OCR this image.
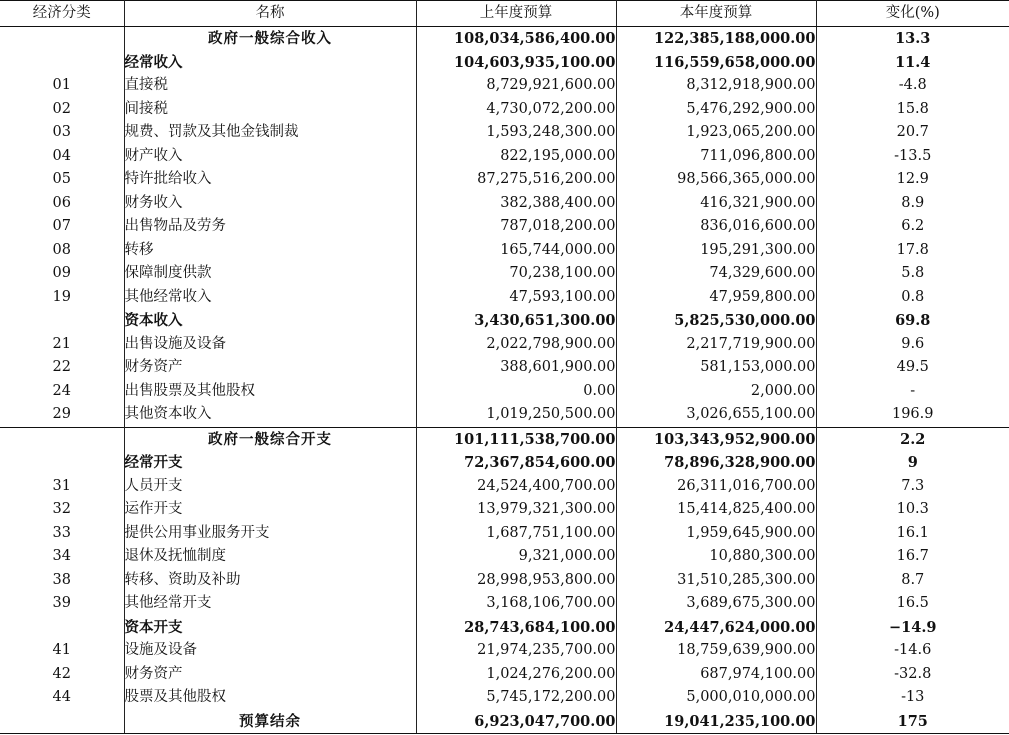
经济分类	名称	上年度预算	本年度预算	变化(%)
	政府一般综合收入	108,034,586,400.00	122,385,188,000.00	13.3
	经常收入	104,603,935,100.00	116,559,658,000.00	11.4
01	直接税	8,729,921,600.00	8,312,918,900.00	-4.8
02	间接税	4,730,072,200.00	5,476,292,900.00	15.8
03	规费、罚款及其他金钱制裁	1,593,248,300.00	1,923,065,200.00	20.7
04	财产收入	822,195,000.00	711,096,800.00	-13.5
05	特许批给收入	87,275,516,200.00	98,566,365,000.00	12.9
06	财务收入	382,388,400.00	416,321,900.00	8.9
07	出售物品及劳务	787,018,200.00	836,016,600.00	6.2
08	转移	165,744,000.00	195,291,300.00	17.8
09	保障制度供款	70,238,100.00	74,329,600.00	5.8
19	其他经常收入	47,593,100.00	47,959,800.00	0.8
	资本收入	3,430,651,300.00	5,825,530,000.00	69.8
21	出售设施及设备	2,022,798,900.00	2,217,719,900.00	9.6
22	财务资产	388,601,900.00	581,153,000.00	49.5
24	出售股票及其他股权	0.00	2,000.00	-
29	其他资本收入	1,019,250,500.00	3,026,655,100.00	196.9
	政府一般综合开支	101,111,538,700.00	103,343,952,900.00	2.2
	经常开支	72,367,854,600.00	78,896,328,900.00	9
31	人员开支	24,524,400,700.00	26,311,016,700.00	7.3
32	运作开支	13,979,321,300.00	15,414,825,400.00	10.3
33	提供公用事业服务开支	1,687,751,100.00	1,959,645,900.00	16.1
34	退休及抚恤制度	9,321,000.00	10,880,300.00	16.7
38	转移、资助及补助	28,998,953,800.00	31,510,285,300.00	8.7
39	其他经常开支	3,168,106,700.00	3,689,675,300.00	16.5
	资本开支	28,743,684,100.00	24,447,624,000.00	−14.9
41	设施及设备	21,974,235,700.00	18,759,639,900.00	-14.6
42	财务资产	1,024,276,200.00	687,974,100.00	-32.8
44	股票及其他股权	5,745,172,200.00	5,000,010,000.00	-13
	预算结余	6,923,047,700.00	19,041,235,100.00	175
